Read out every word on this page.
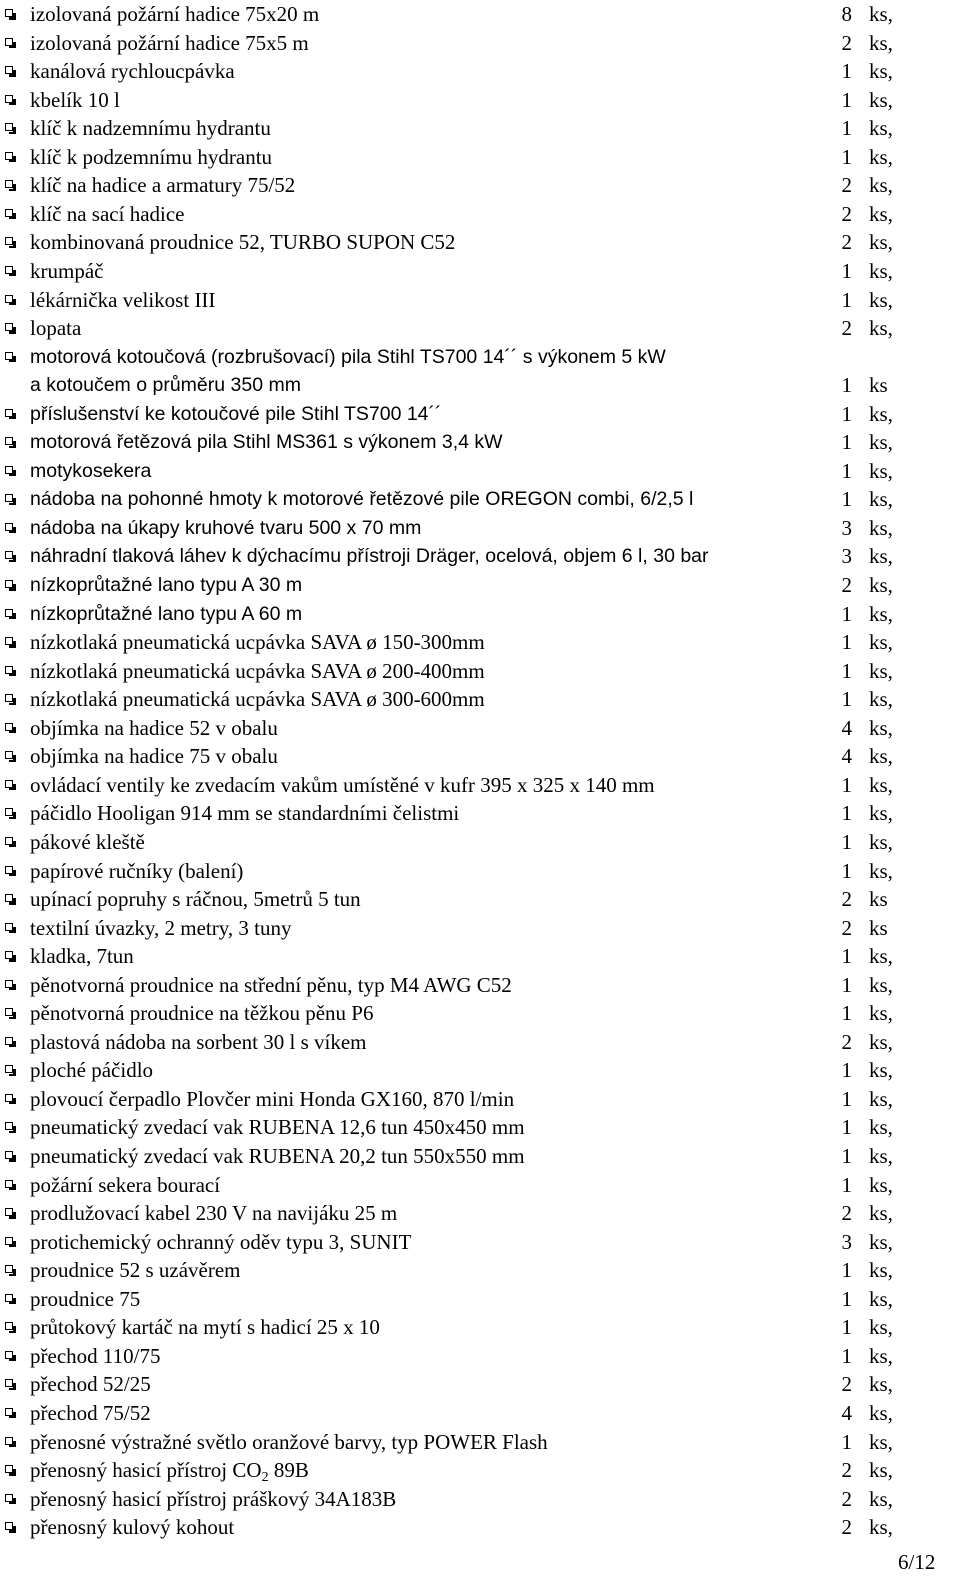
izolovaná požární hadice 75x20 m	8 ks,
izolovaná požární hadice 75x5 m	2 ks,
kanálová rychloucpávka	1 ks,
kbelík 10 l	1 ks,
klíč k nadzemnímu hydrantu	1 ks,
klíč k podzemnímu hydrantu	1 ks,
klíč na hadice a armatury 75/52	2 ks,
klíč na sací hadice	2 ks,
kombinovaná proudnice 52, TURBO SUPON C52	2 ks,
krumpáč	1 ks,
lékárnička velikost III	1 ks,
lopata	2 ks,
motorová kotoučová (rozbrušovací) pila Stihl TS700 14´´ s výkonem 5 kW
a kotoučem o průměru 350 mm	1 ks
příslušenství ke kotoučové pile Stihl TS700 14´´	1 ks,
motorová řetězová pila Stihl MS361 s výkonem 3,4 kW	1 ks,
motykosekera	1 ks,
nádoba na pohonné hmoty k motorové řetězové pile OREGON combi, 6/2,5 l	1 ks,
nádoba na úkapy kruhové tvaru 500 x 70 mm	3 ks,
náhradní tlaková láhev k dýchacímu přístroji Dräger, ocelová, objem 6 l, 30 bar	3 ks,
nízkoprůtažné lano typu A 30 m	2 ks,
nízkoprůtažné lano typu A 60 m	1 ks,
nízkotlaká pneumatická ucpávka SAVA ø 150-300mm	1 ks,
nízkotlaká pneumatická ucpávka SAVA ø 200-400mm	1 ks,
nízkotlaká pneumatická ucpávka SAVA ø 300-600mm	1 ks,
objímka na hadice 52 v obalu	4 ks,
objímka na hadice 75 v obalu	4 ks,
ovládací ventily ke zvedacím vakům umístěné v kufr 395 x 325 x 140 mm	1 ks,
páčidlo Hooligan 914 mm se standardními čelistmi	1 ks,
pákové kleště	1 ks,
papírové ručníky (balení)	1 ks,
upínací popruhy s ráčnou, 5metrů 5 tun	2 ks
textilní úvazky, 2 metry, 3 tuny	2 ks
kladka, 7tun	1 ks,
pěnotvorná proudnice na střední pěnu, typ M4 AWG C52	1 ks,
pěnotvorná proudnice na těžkou pěnu P6	1 ks,
plastová nádoba na sorbent 30 l s víkem	2 ks,
ploché páčidlo	1 ks,
plovoucí čerpadlo Plovčer mini Honda GX160, 870 l/min	1 ks,
pneumatický zvedací vak RUBENA 12,6 tun 450x450 mm	1 ks,
pneumatický zvedací vak RUBENA 20,2 tun 550x550 mm	1 ks,
požární sekera bourací	1 ks,
prodlužovací kabel 230 V na navijáku 25 m	2 ks,
protichemický ochranný oděv typu 3, SUNIT	3 ks,
proudnice 52 s uzávěrem	1 ks,
proudnice 75	1 ks,
průtokový kartáč na mytí s hadicí 25 x 10	1 ks,
přechod 110/75	1 ks,
přechod 52/25	2 ks,
přechod 75/52	4 ks,
přenosné výstražné světlo oranžové barvy, typ POWER Flash	1 ks,
přenosný hasicí přístroj $CO_2$ 89B	2 ks,
přenosný hasicí přístroj práškový 34A183B	2 ks,
přenosný kulový kohout	2 ks,
6/12
